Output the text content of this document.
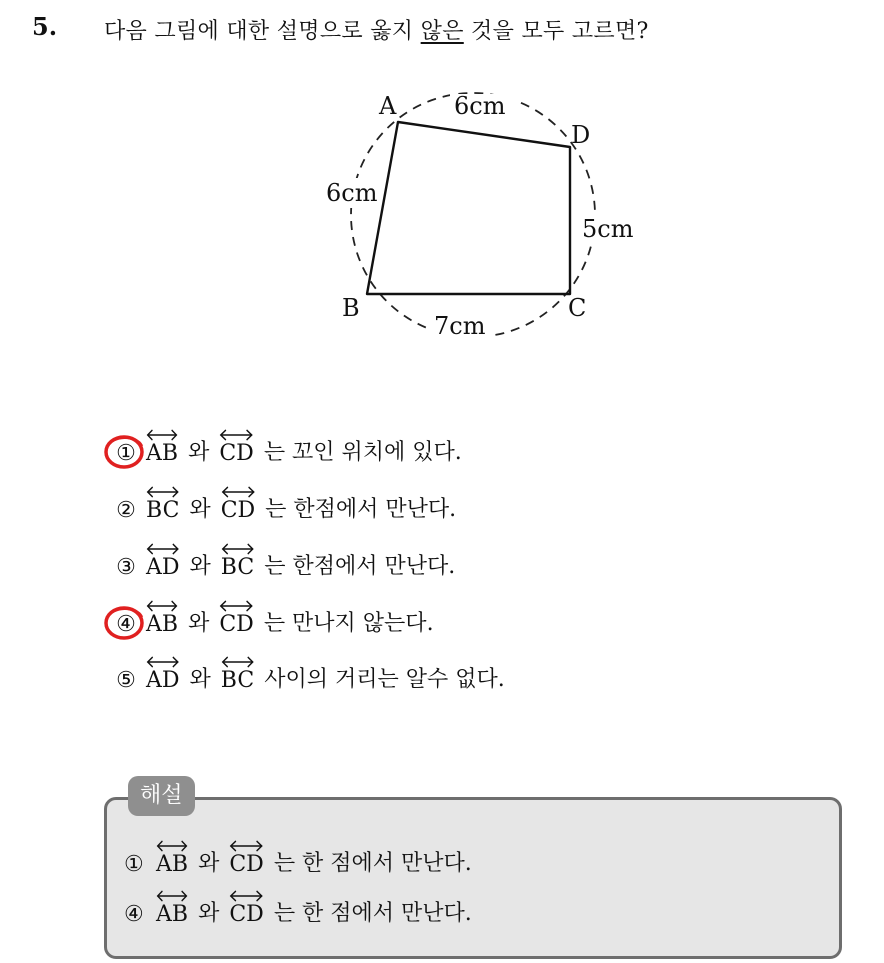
5. 다음 그림에 대한 설명으로 옳지 않은 것을 모두 고르면?
A
B	C
D
6cm
6cm
5cm
7cm
① AB 와 CD 는 꼬인 위치에 있다.
② BC 와 CD 는 한점에서 만난다.
③ AD 와 BC 는 한점에서 만난다.
④ AB 와 CD 는 만나지 않는다.
⑤ AD 와 BC 사이의 거리는 알수 없다.
해설
① AB 와 CD 는 한 점에서 만난다.
④ AB 와 CD 는 한 점에서 만난다.
